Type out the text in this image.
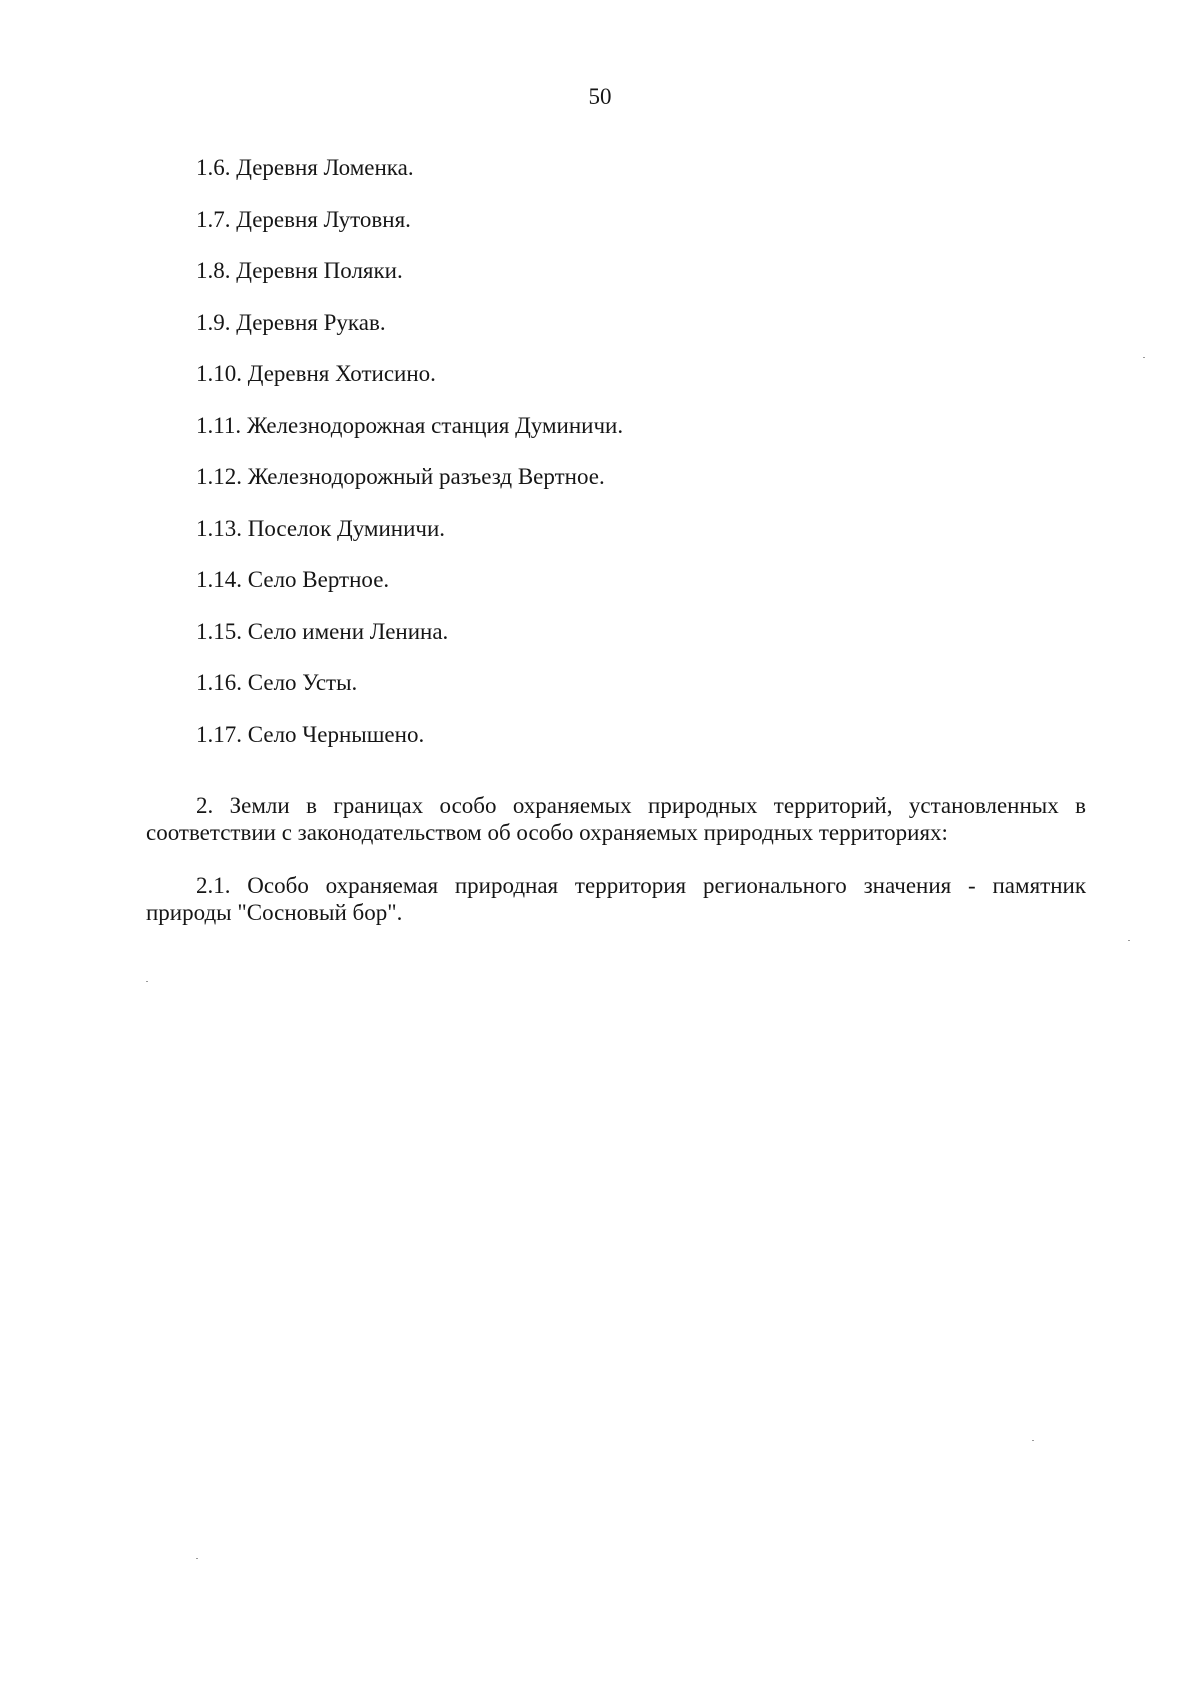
50
1.6. Деревня Ломенка.
1.7. Деревня Лутовня.
1.8. Деревня Поляки.
1.9. Деревня Рукав.
1.10. Деревня Хотисино.
1.11. Железнодорожная станция Думиничи.
1.12. Железнодорожный разъезд Вертное.
1.13. Поселок Думиничи.
1.14. Село Вертное.
1.15. Село имени Ленина.
1.16. Село Усты.
1.17. Село Чернышено.

2. Земли в границах особо охраняемых природных территорий, установленных в соответствии с законодательством об особо охраняемых природных территориях:

2.1. Особо охраняемая природная территория регионального значения - памятник природы "Сосновый бор".
